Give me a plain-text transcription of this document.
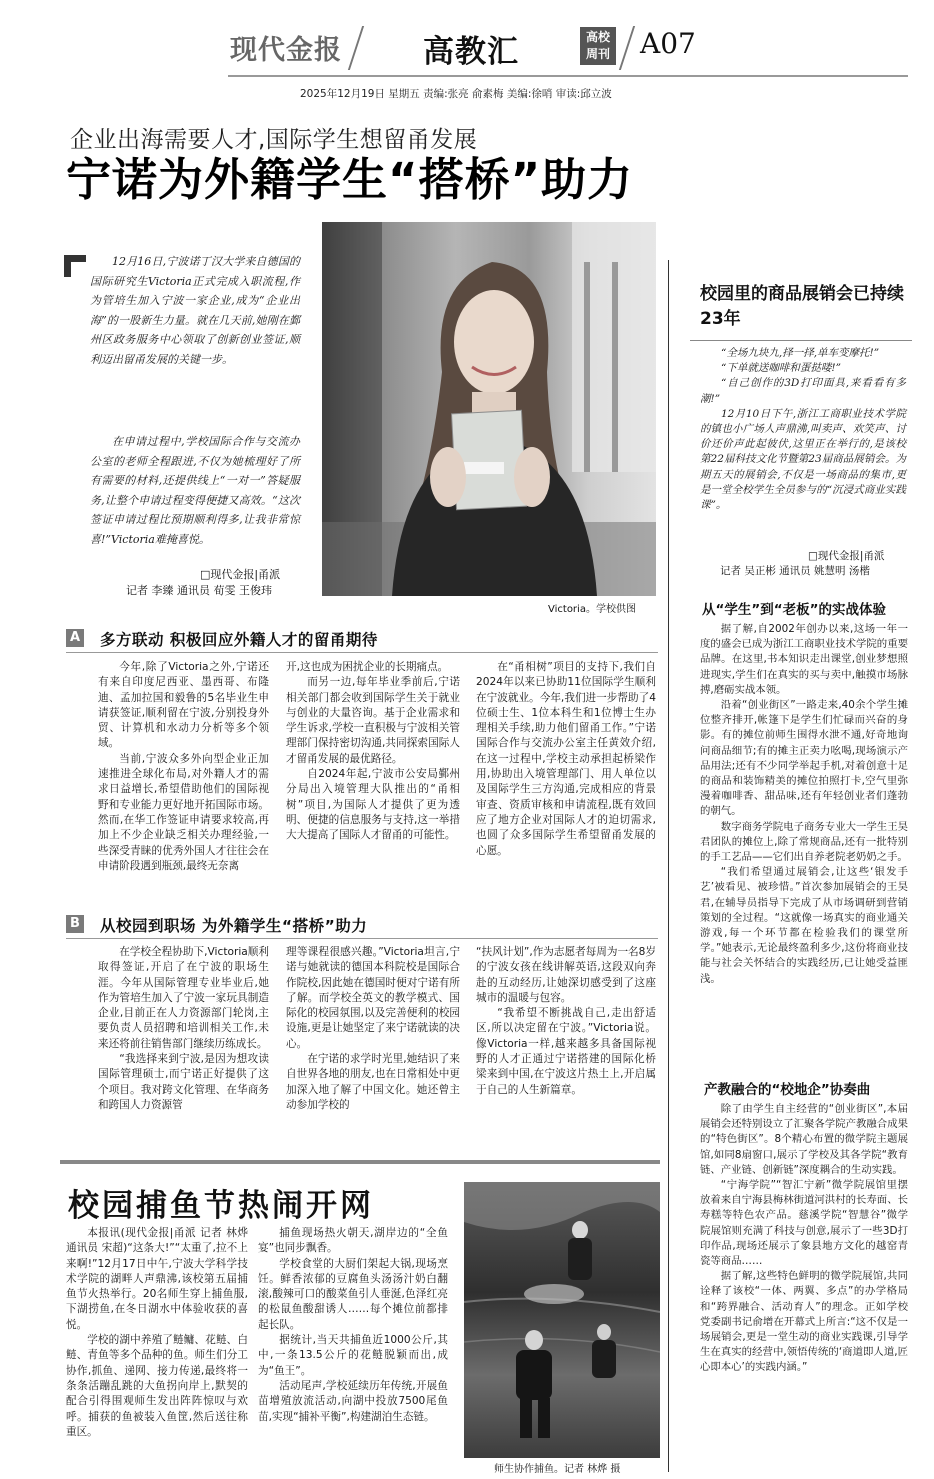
现代金报	高教汇	高校
周刊 A07
2025年12月19日 星期五 责编:张亮 俞素梅 美编:徐哨 审读:邱立波
企业出海需要人才,国际学生想留甬发展
宁诺为外籍学生“搭桥”助力

12月16日,宁波诺丁汉大学来自德国的国际研究生Victoria正式完成入职流程,作为管培生加入宁波一家企业,成为“企业出海”的一股新生力量。就在几天前,她刚在鄞州区政务服务中心领取了创新创业签证,顺利迈出留甬发展的关键一步。

在申请过程中,学校国际合作与交流办公室的老师全程跟进,不仅为她梳理好了所有需要的材料,还提供线上“一对一”答疑服务,让整个申请过程变得便捷又高效。“这次签证申请过程比预期顺利得多,让我非常惊喜!”Victoria难掩喜悦。

□现代金报|甬派
记者 李臻 通讯员 荀雯 王俊玮
Victoria。学校供图
A 多方联动 积极回应外籍人才的留甬期待

今年,除了Victoria之外,宁诺还有来自印度尼西亚、墨西哥、布隆迪、孟加拉国和毅鲁的5名毕业生申请获签证,顺利留在宁波,分别投身外贸、计算机和水动力分析等多个领域。

当前,宁波众多外向型企业正加速推进全球化布局,对外籍人才的需求日益增长,希望借助他们的国际视野和专业能力更好地开拓国际市场。然而,在华工作签证申请要求较高,再加上不少企业缺乏相关办理经验,一些深受青睐的优秀外国人才往往会在申请阶段遇到瓶颈,最终无奈离

开,这也成为困扰企业的长期痛点。

而另一边,每年毕业季前后,宁诺相关部门都会收到国际学生关于就业与创业的大量咨询。基于企业需求和学生诉求,学校一直积极与宁波相关管理部门保持密切沟通,共同探索国际人才留甬发展的最优路径。

自2024年起,宁波市公安局鄞州分局出入境管理大队推出的“甬相树”项目,为国际人才提供了更为透明、便捷的信息服务与支持,这一举措大大提高了国际人才留甬的可能性。

在“甬相树”项目的支持下,我们自2024年以来已协助11位国际学生顺利在宁波就业。今年,我们进一步帮助了4位硕士生、1位本科生和1位博士生办理相关手续,助力他们留甬工作。”宁诺国际合作与交流办公室主任黄效介绍,在这一过程中,学校主动承担起桥梁作用,协助出入境管理部门、用人单位以及国际学生三方沟通,完成相应的背景审查、资质审核和申请流程,既有效回应了地方企业对国际人才的迫切需求,也圆了众多国际学生希望留甬发展的心愿。

B 从校园到职场 为外籍学生“搭桥”助力

在学校全程协助下,Victoria顺利取得签证,开启了在宁波的职场生涯。今年从国际管理专业毕业后,她作为管培生加入了宁波一家玩具制造企业,目前正在人力资源部门轮岗,主要负责人员招聘和培训相关工作,未来还将前往销售部门继续历练成长。

“我选择来到宁波,是因为想攻读国际管理硕士,而宁诺正好提供了这个项目。我对跨文化管理、在华商务和跨国人力资源管

理等课程很感兴趣。”Victoria坦言,宁诺与她就读的德国本科院校是国际合作院校,因此她在德国时便对宁诺有所了解。而学校全英文的教学模式、国际化的校园氛围,以及完善便利的校园设施,更是让她坚定了来宁诺就读的决心。

在宁诺的求学时光里,她结识了来自世界各地的朋友,也在日常相处中更加深入地了解了中国文化。她还曾主动参加学校的

“扶风计划”,作为志愿者每周为一名8岁的宁波女孩在线讲解英语,这段双向奔赴的互动经历,让她深切感受到了这座城市的温暖与包容。

“我希望不断挑战自己,走出舒适区,所以决定留在宁波。”Victoria说。像Victoria一样,越来越多具备国际视野的人才正通过宁诺搭建的国际化桥梁来到中国,在宁波这片热土上,开启属于自己的人生新篇章。

校园捕鱼节热闹开网

本报讯(现代金报|甬派 记者 林烨 通讯员 宋超)“这条大!”“太重了,拉不上来啊!”12月17日中午,宁波大学科学技术学院的湖畔人声鼎沸,该校第五届捕鱼节火热举行。20名师生穿上捕鱼服,下湖捞鱼,在冬日湖水中体验收获的喜悦。

学校的湖中养殖了鲢鳙、花鲢、白鲢、青鱼等多个品种的鱼。师生们分工协作,抓鱼、递网、接力传递,最终将一条条活蹦乱跳的大鱼拐向岸上,默契的配合引得围观师生发出阵阵惊叹与欢呼。捕获的鱼被装入鱼筐,然后送往称重区。

捕鱼现场热火朝天,湖岸边的“全鱼宴”也同步飘香。

学校食堂的大厨们架起大锅,现场烹饪。鲜香浓郁的豆腐鱼头汤汤汁奶白翻滚,酸辣可口的酸菜鱼引人垂涎,色泽红亮的松鼠鱼酸甜诱人……每个摊位前都排起长队。

据统计,当天共捕鱼近1000公斤,其中,一条13.5公斤的花鲢脱颖而出,成为“鱼王”。

活动尾声,学校延续历年传统,开展鱼苗增殖放流活动,向湖中投放7500尾鱼苗,实现“捕补平衡”,构建湖泊生态链。

师生协作捕鱼。记者 林烨 摄
校园里的商品展销会已持续23年

“全场九块九,择一择,单车变摩托!”

“下单就送咖啡和蛋挞喽!”

“自己创作的3D打印面具,来看看有多潮!”

12月10日下午,浙江工商职业技术学院的镇也小广场人声鼎沸,叫卖声、欢笑声、讨价还价声此起彼伏,这里正在举行的,是该校第22届科技文化节暨第23届商品展销会。为期五天的展销会,不仅是一场商品的集市,更是一堂全校学生全员参与的“沉浸式商业实践课”。

□现代金报|甬派
记者 吴正彬 通讯员 姚慧明 汤楷
从“学生”到“老板”的实战体验

据了解,自2002年创办以来,这场一年一度的盛会已成为浙江工商职业技术学院的重要品牌。在这里,书本知识走出课堂,创业梦想照进现实,学生们在真实的买与卖中,触摸市场脉搏,磨砺实战本领。

沿着“创业街区”一路走来,40余个学生摊位整齐排开,帐篷下是学生们忙碌而兴奋的身影。有的摊位前师生围得水泄不通,好奇地询问商品细节;有的摊主正卖力吆喝,现场演示产品用法;还有不少同学举起手机,对着创意十足的商品和装饰精美的摊位拍照打卡,空气里弥漫着咖啡香、甜品味,还有年轻创业者们蓬勃的朝气。

数字商务学院电子商务专业大一学生王昊君团队的摊位上,除了常规商品,还有一批特别的手工艺品——它们出自养老院老奶奶之手。

“我们希望通过展销会,让这些‘银发手艺’被看见、被珍惜。”首次参加展销会的王昊君,在辅导员指导下完成了从市场调研到营销策划的全过程。“这就像一场真实的商业通关游戏,每一个环节都在检验我们的课堂所学。”她表示,无论最终盈利多少,这份将商业技能与社会关怀结合的实践经历,已让她受益匪浅。

产教融合的“校地企”协奏曲

除了由学生自主经营的“创业街区”,本届展销会还特别设立了汇聚各学院产教融合成果的“特色街区”。8个精心布置的微学院主题展馆,如同8扇窗口,展示了学校及其各学院“教育链、产业链、创新链”深度耦合的生动实践。

“宁海学院”“智汇宁新”微学院展馆里摆放着来自宁海县梅林街道河洪村的长寿面、长寿糕等特色农产品。慈溪学院“智慧谷”微学院展馆则充满了科技与创意,展示了一些3D打印作品,现场还展示了象县地方文化的越窑青瓷等商品……

据了解,这些特色鲜明的微学院展馆,共同诠释了该校“一体、两翼、多点”的办学格局和“跨界融合、活动育人”的理念。正如学校党委副书记俞增在开幕式上所言:“这不仅是一场展销会,更是一堂生动的商业实践课,引导学生在真实的经营中,领悟传统的‘商道即人道,匠心即本心’的实践内涵。”
